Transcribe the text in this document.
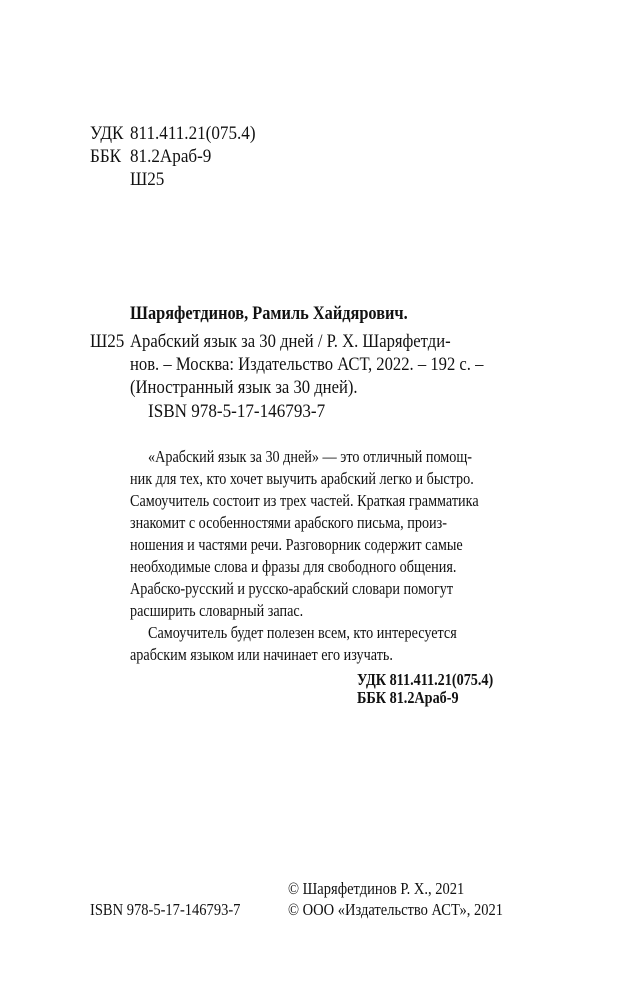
УДК 811.411.21(075.4)
ББК 81.2Араб-9
Ш25
Шаряфетдинов, Рамиль Хайдярович.
Ш25 Арабский язык за 30 дней / Р. Х. Шаряфетди-
нов. – Москва: Издательство АСТ, 2022. – 192 с. –
(Иностранный язык за 30 дней).
ISBN 978-5-17-146793-7
«Арабский язык за 30 дней» — это отличный помощ-
ник для тех, кто хочет выучить арабский легко и быстро.
Самоучитель состоит из трех частей. Краткая грамматика
знакомит с особенностями арабского письма, произ-
ношения и частями речи. Разговорник содержит самые
необходимые слова и фразы для свободного общения.
Арабско-русский и русско-арабский словари помогут
расширить словарный запас.
Самоучитель будет полезен всем, кто интересуется
арабским языком или начинает его изучать.
УДК 811.411.21(075.4)
ББК 81.2Араб-9
ISBN 978-5-17-146793-7
© Шаряфетдинов Р. Х., 2021
© ООО «Издательство АСТ», 2021
